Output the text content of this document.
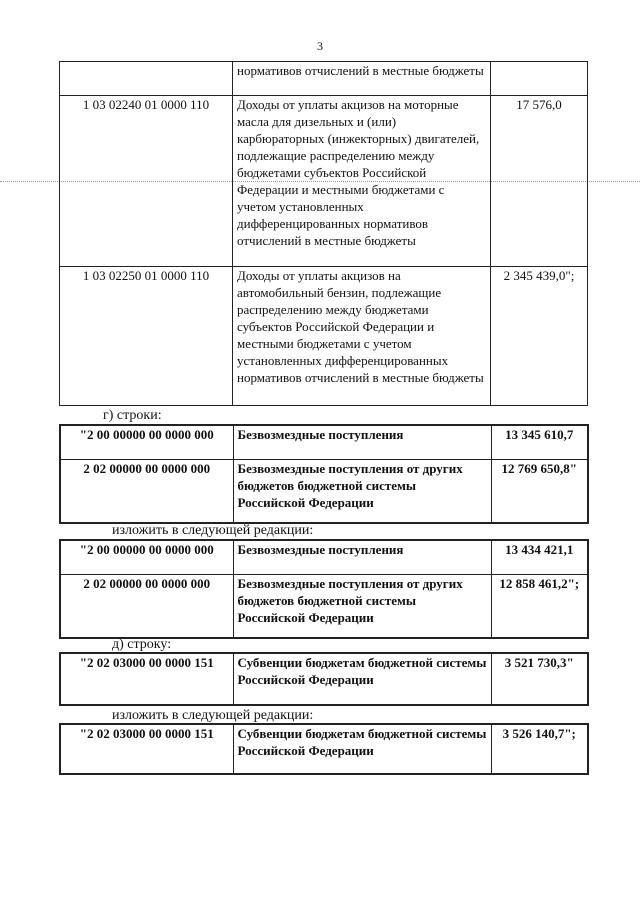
3
	нормативов отчислений в местные бюджеты	
1 03 02240 01 0000 110	Доходы от уплаты акцизов на моторные масла для дизельных и (или) карбюраторных (инжекторных) двигателей, подлежащие распределению между бюджетами субъектов Российской Федерации и местными бюджетами с учетом установленных дифференцированных нормативов отчислений в местные бюджеты	17 576,0
1 03 02250 01 0000 110	Доходы от уплаты акцизов на автомобильный бензин, подлежащие распределению между бюджетами субъектов Российской Федерации и местными бюджетами с учетом установленных дифференцированных нормативов отчислений в местные бюджеты	2 345 439,0";
г) строки:
"2 00 00000 00 0000 000	Безвозмездные поступления	13 345 610,7
2 02 00000 00 0000 000	Безвозмездные поступления от других бюджетов бюджетной системы Российской Федерации	12 769 650,8"
изложить в следующей редакции:
"2 00 00000 00 0000 000	Безвозмездные поступления	13 434 421,1
2 02 00000 00 0000 000	Безвозмездные поступления от других бюджетов бюджетной системы Российской Федерации	12 858 461,2";
д) строку:
"2 02 03000 00 0000 151	Субвенции бюджетам бюджетной системы Российской Федерации	3 521 730,3"
изложить в следующей редакции:
"2 02 03000 00 0000 151	Субвенции бюджетам бюджетной системы Российской Федерации	3 526 140,7";
